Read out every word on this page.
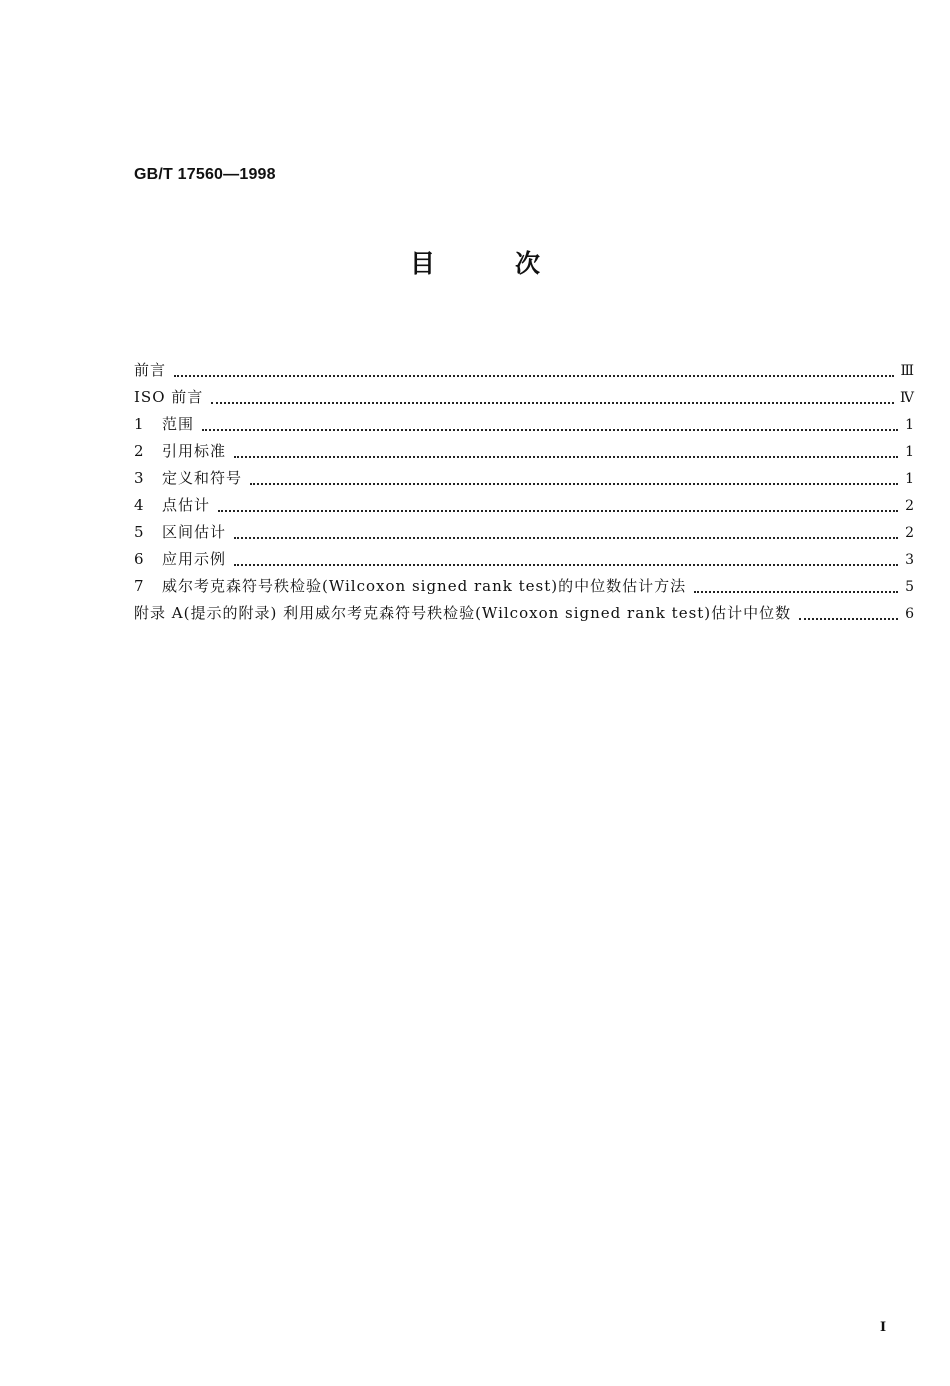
GB/T 17560—1998
目次
前言	Ⅲ
ISO 前言	Ⅳ
1	范围	1
2	引用标准	1
3	定义和符号	1
4	点估计	2
5	区间估计	2
6	应用示例	3
7	威尔考克森符号秩检验(Wilcoxon signed rank test)的中位数估计方法	5
附录 A(提示的附录) 利用威尔考克森符号秩检验(Wilcoxon signed rank test)估计中位数	6
I
